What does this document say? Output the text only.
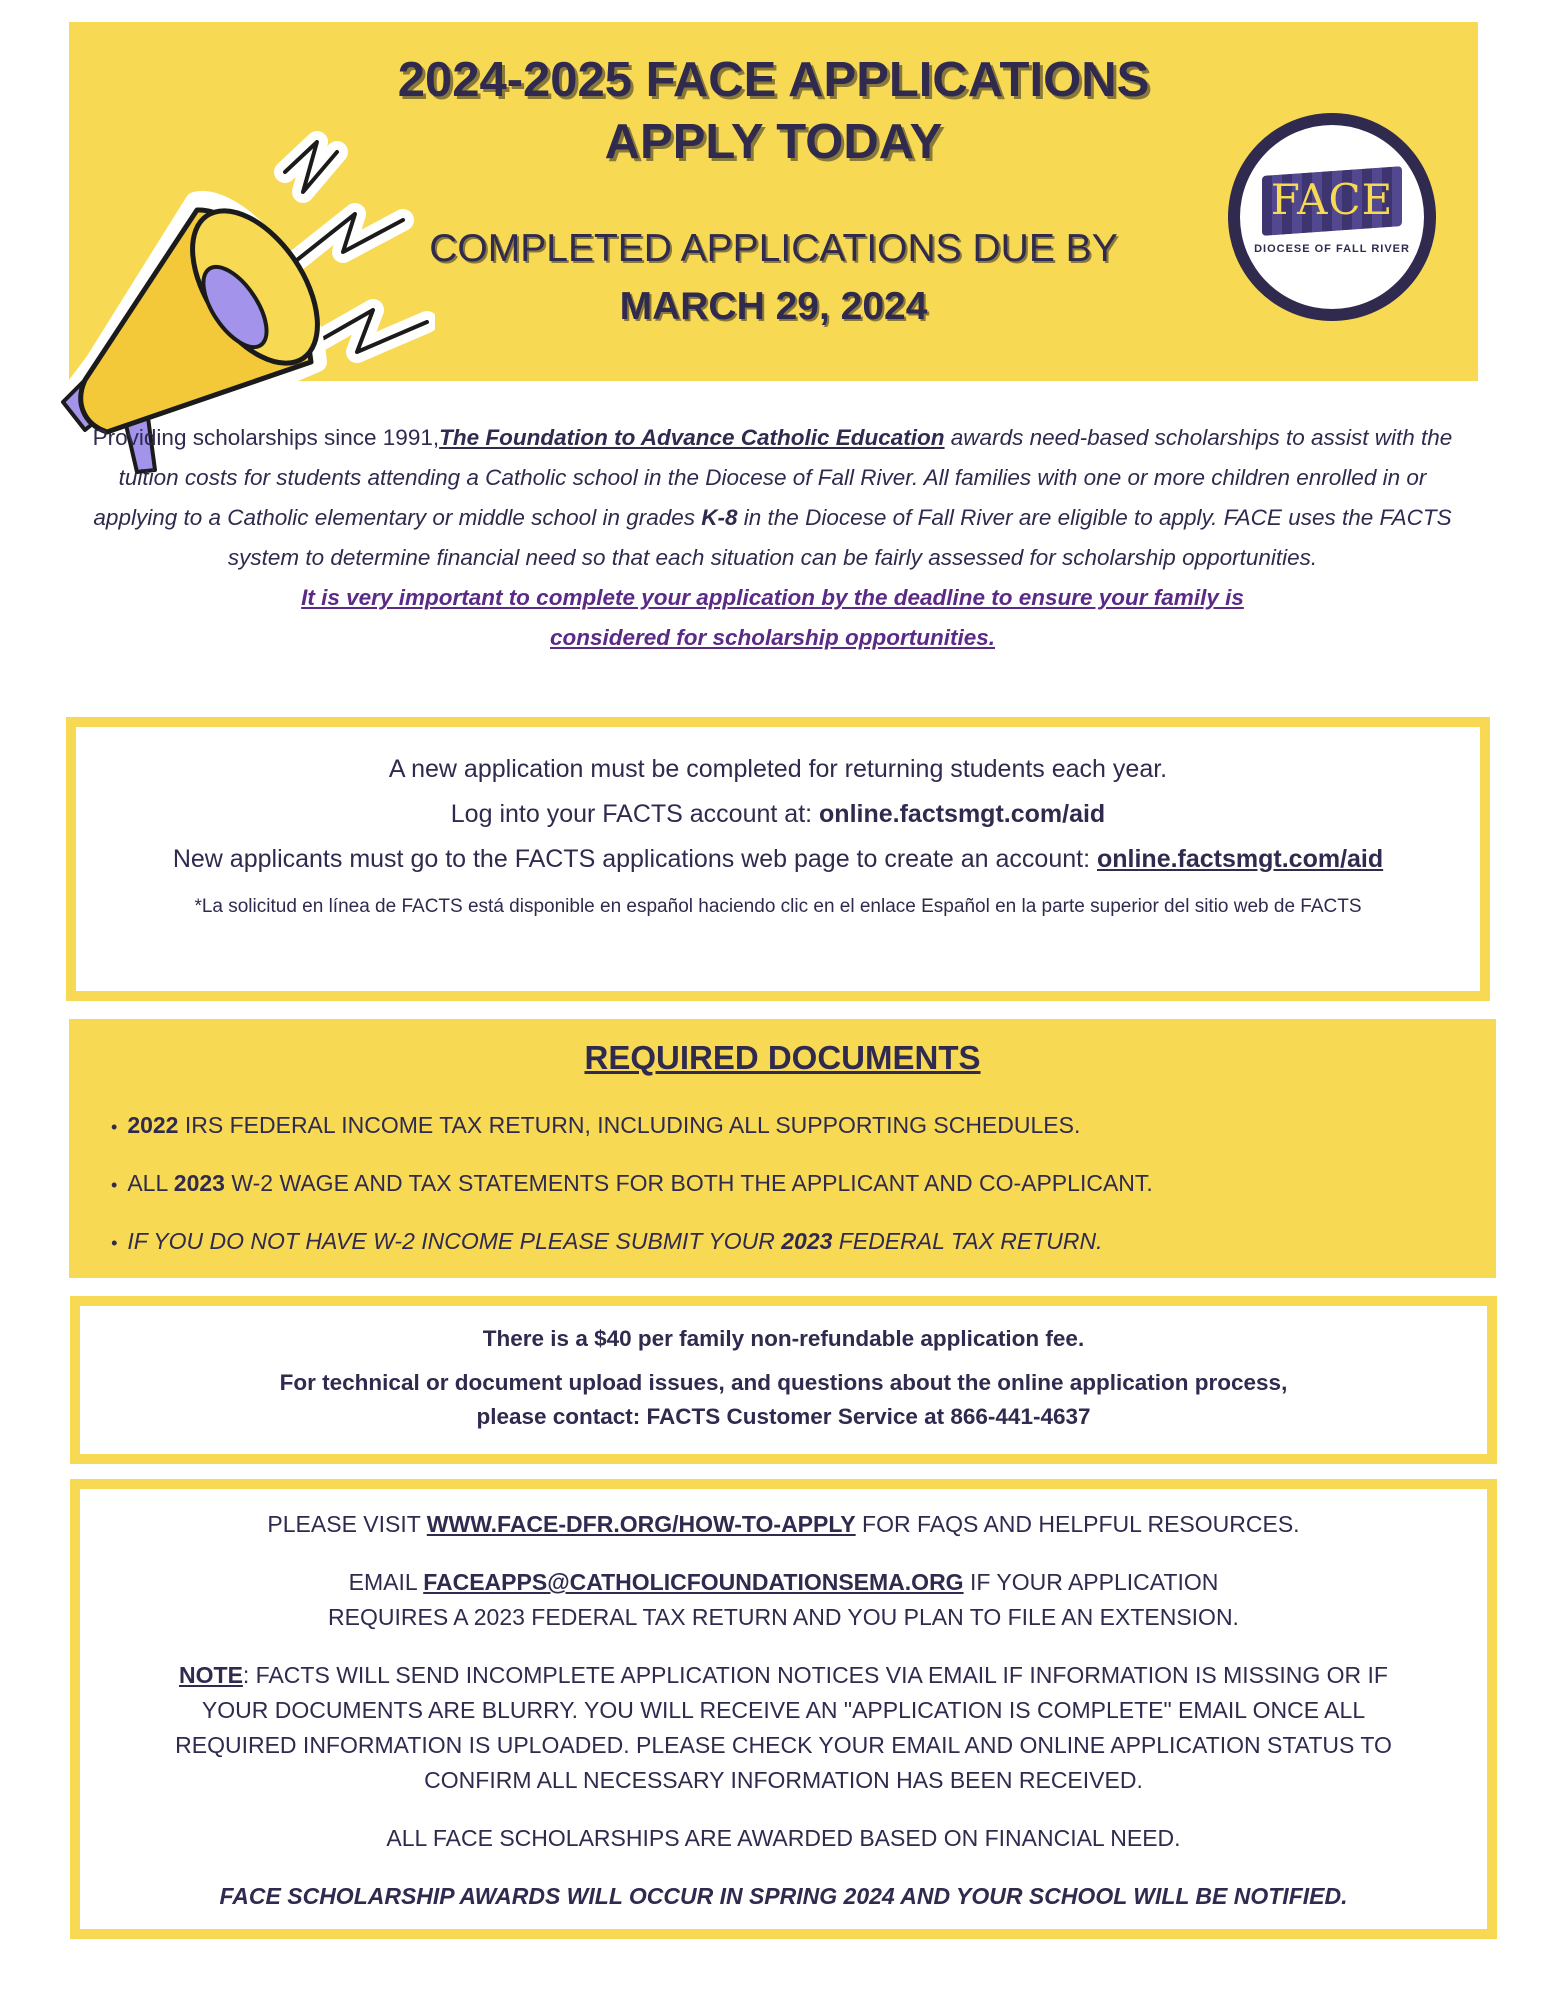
2024-2025 FACE APPLICATIONS
APPLY TODAY
COMPLETED APPLICATIONS DUE BY
MARCH 29, 2024
FACE
DIOCESE OF FALL RIVER
Providing scholarships since 1991,The Foundation to Advance Catholic Education awards need-based scholarships to assist with the tuition costs for students attending a Catholic school in the Diocese of Fall River. All families with one or more children enrolled in or applying to a Catholic elementary or middle school in grades K-8 in the Diocese of Fall River are eligible to apply. FACE uses the FACTS system to determine financial need so that each situation can be fairly assessed for scholarship opportunities.
It is very important to complete your application by the deadline to ensure your family is
considered for scholarship opportunities.
A new application must be completed for returning students each year.
Log into your FACTS account at: online.factsmgt.com/aid
New applicants must go to the FACTS applications web page to create an account: online.factsmgt.com/aid
*La solicitud en línea de FACTS está disponible en español haciendo clic en el enlace Español en la parte superior del sitio web de FACTS
REQUIRED DOCUMENTS
• 2022 IRS FEDERAL INCOME TAX RETURN, INCLUDING ALL SUPPORTING SCHEDULES.
• ALL 2023 W-2 WAGE AND TAX STATEMENTS FOR BOTH THE APPLICANT AND CO-APPLICANT.
• IF YOU DO NOT HAVE W-2 INCOME PLEASE SUBMIT YOUR 2023 FEDERAL TAX RETURN.
There is a $40 per family non-refundable application fee.
For technical or document upload issues, and questions about the online application process,
please contact: FACTS Customer Service at 866-441-4637

PLEASE VISIT WWW.FACE-DFR.ORG/HOW-TO-APPLY FOR FAQS AND HELPFUL RESOURCES.

EMAIL FACEAPPS@CATHOLICFOUNDATIONSEMA.ORG IF YOUR APPLICATION

REQUIRES A 2023 FEDERAL TAX RETURN AND YOU PLAN TO FILE AN EXTENSION.

NOTE: FACTS WILL SEND INCOMPLETE APPLICATION NOTICES VIA EMAIL IF INFORMATION IS MISSING OR IF

YOUR DOCUMENTS ARE BLURRY. YOU WILL RECEIVE AN "APPLICATION IS COMPLETE" EMAIL ONCE ALL

REQUIRED INFORMATION IS UPLOADED. PLEASE CHECK YOUR EMAIL AND ONLINE APPLICATION STATUS TO

CONFIRM ALL NECESSARY INFORMATION HAS BEEN RECEIVED.

ALL FACE SCHOLARSHIPS ARE AWARDED BASED ON FINANCIAL NEED.

FACE SCHOLARSHIP AWARDS WILL OCCUR IN SPRING 2024 AND YOUR SCHOOL WILL BE NOTIFIED.
